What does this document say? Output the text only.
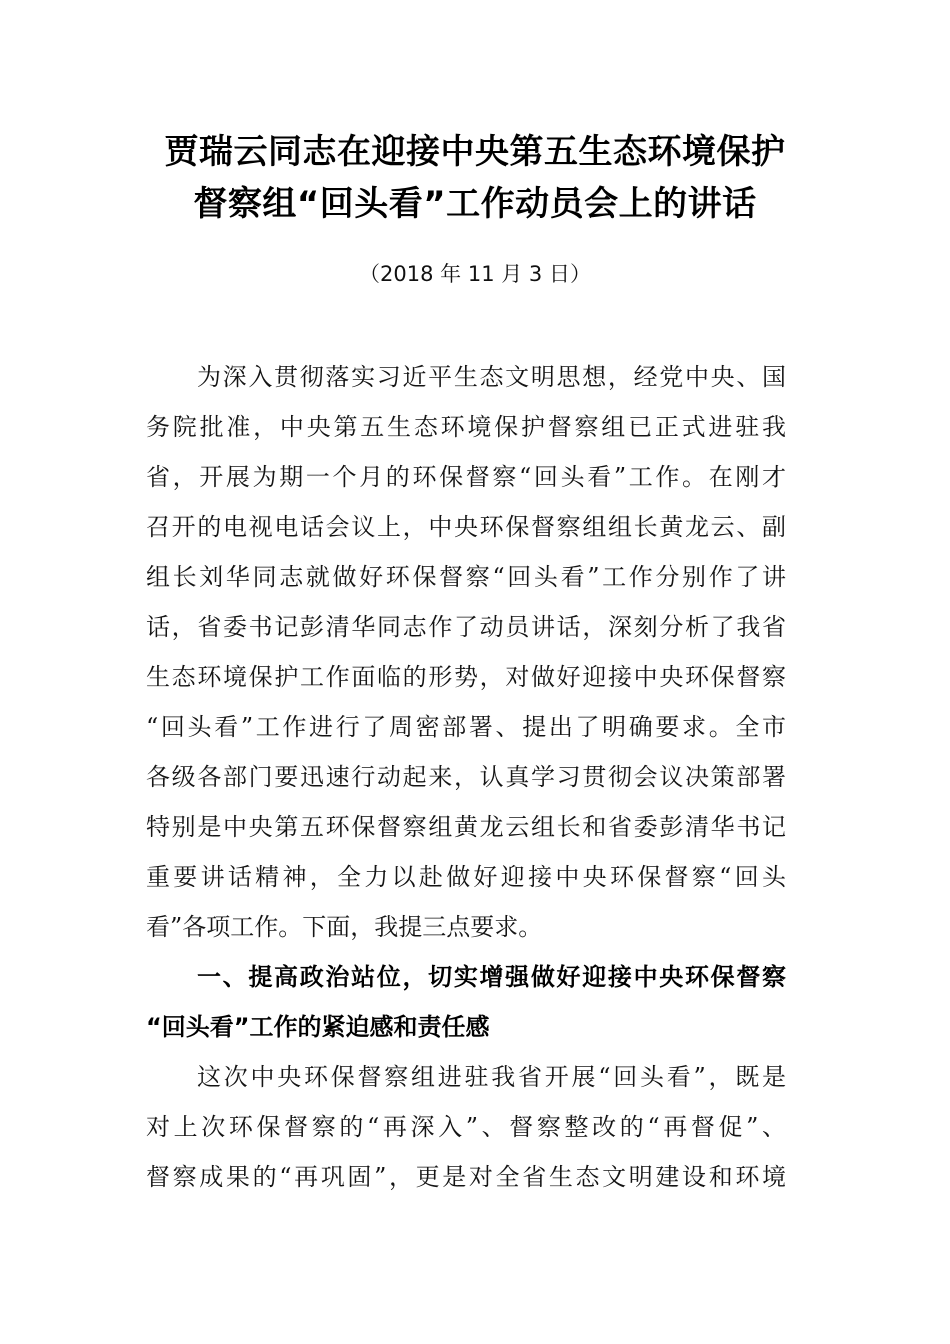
贾瑞云同志在迎接中央第五生态环境保护
督察组“回头看”工作动员会上的讲话
（2018 年 11 月 3 日）
为深入贯彻落实习近平生态文明思想，经党中央、国
务院批准，中央第五生态环境保护督察组已正式进驻我
省，开展为期一个月的环保督察“回头看”工作。在刚才
召开的电视电话会议上，中央环保督察组组长黄龙云、副
组长刘华同志就做好环保督察“回头看”工作分别作了讲
话，省委书记彭清华同志作了动员讲话，深刻分析了我省
生态环境保护工作面临的形势，对做好迎接中央环保督察
“回头看”工作进行了周密部署、提出了明确要求。全市
各级各部门要迅速行动起来，认真学习贯彻会议决策部署
特别是中央第五环保督察组黄龙云组长和省委彭清华书记
重要讲话精神，全力以赴做好迎接中央环保督察“回头
看”各项工作。下面，我提三点要求。
一、提高政治站位，切实增强做好迎接中央环保督察
“回头看”工作的紧迫感和责任感
这次中央环保督察组进驻我省开展“回头看”，既是
对上次环保督察的“再深入”、督察整改的“再督促”、
督察成果的“再巩固”，更是对全省生态文明建设和环境
